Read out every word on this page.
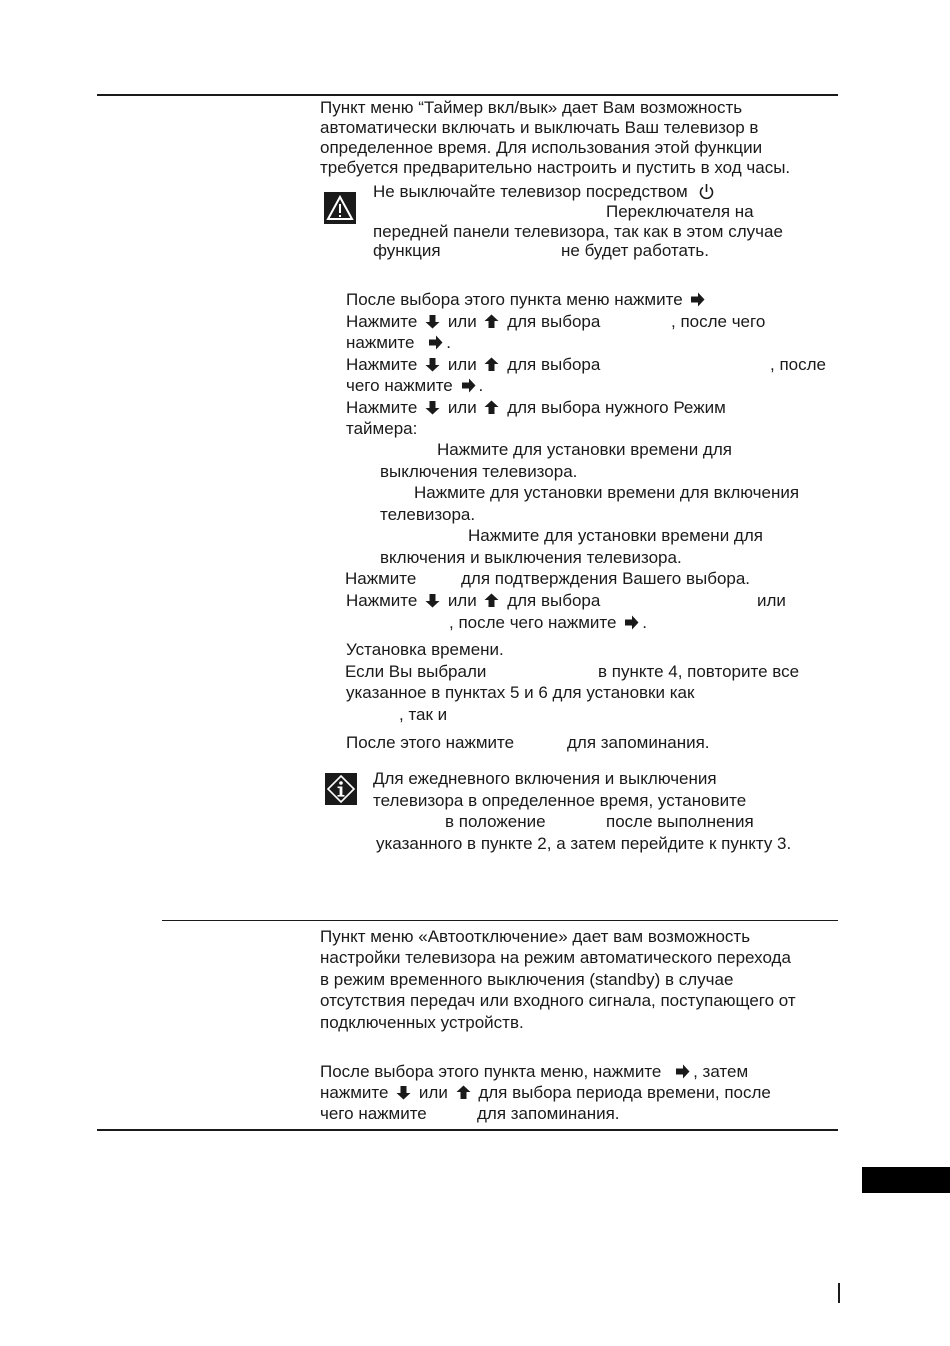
Пункт меню “Таймер вкл/вык» дает Вам возможность
автоматически включать и выключать Ваш телевизор в
определенное время. Для использования этой функции
требуется предварительно настроить и пустить в ход часы.
Не выключайте телевизор посредством
Переключателя на
передней панели телевизора, так как в этом случае
функция	не будет работать.
После выбора этого пункта меню нажмите
Нажмите или для выбора	, после чего
нажмите .
Нажмите или для выбора	, после
чего нажмите .
Нажмите или для выбора нужного Режим
таймера:
Нажмите для установки времени для
выключения телевизора.
Нажмите для установки времени для включения
телевизора.
Нажмите для установки времени для
включения и выключения телевизора.
Нажмите	для подтверждения Вашего выбора.
Нажмите или для выбора	или
, после чего нажмите .
Установка времени.
Если Вы выбрали	в пункте 4, повторите все
указанное в пунктах 5 и 6 для установки как
, так и
После этого нажмите	для запоминания.
Для ежедневного включения и выключения
телевизора в определенное время, установите
в положение	после выполнения
указанного в пункте 2, а затем перейдите к пункту 3.
Пункт меню «Автоотключение» дает вам возможность
настройки телевизора на режим автоматического перехода
в режим временного выключения (standby) в случае
отсутствия передач или входного сигнала, поступающего от
подключенных устройств.
После выбора этого пункта меню, нажмите , затем
нажмите или для выбора периода времени, после
чего нажмите	для запоминания.
